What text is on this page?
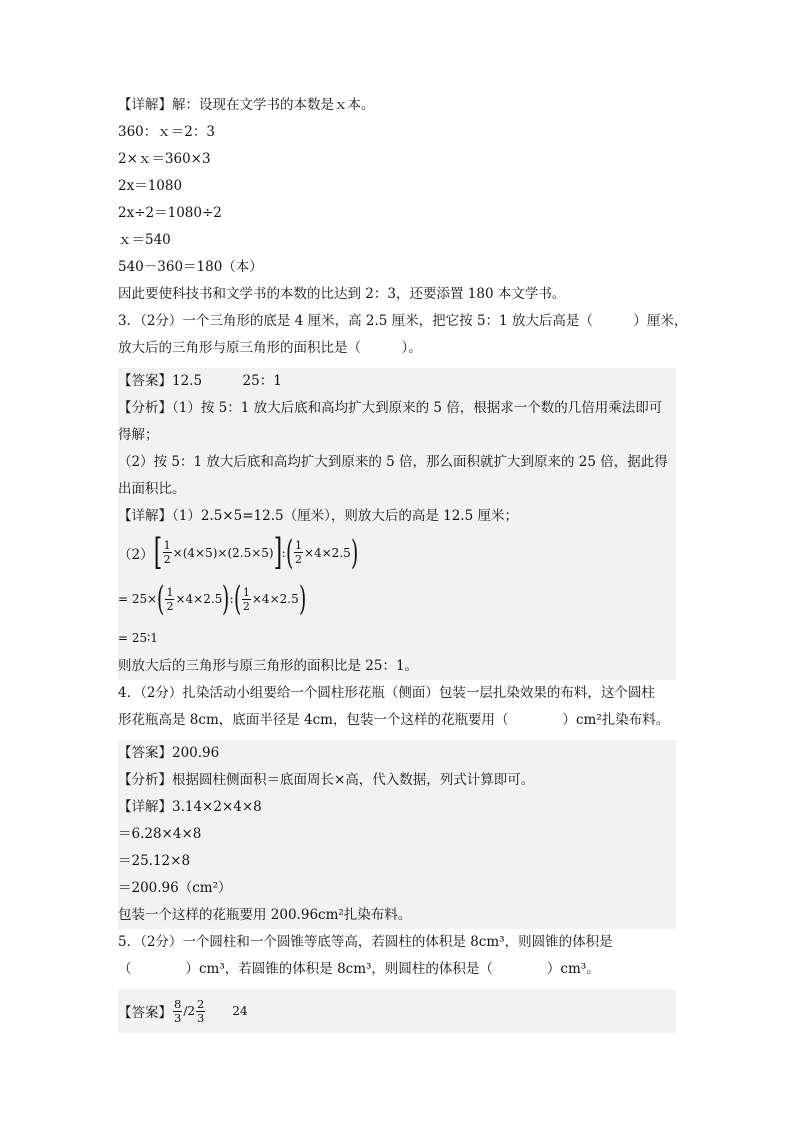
【详解】解：设现在文学书的本数是ｘ本。
360：ｘ＝2：3
2×ｘ＝360×3
2x＝1080
2x÷2＝1080÷2
ｘ＝540
540－360＝180（本）
因此要使科技书和文学书的本数的比达到 2：3，还要添置 180 本文学书。
3．（2分）一个三角形的底是 4 厘米，高 2.5 厘米，把它按 5：1 放大后高是（　　　）厘米，
放大后的三角形与原三角形的面积比是（　　　）。
【答案】12.5　　　25：1
【分析】（1）按 5：1 放大后底和高均扩大到原来的 5 倍，根据求一个数的几倍用乘法即可
得解；
（2）按 5：1 放大后底和高均扩大到原来的 5 倍，那么面积就扩大到原来的 25 倍，据此得
出面积比。
【详解】（1）2.5×5=12.5（厘米），则放大后的高是 12.5 厘米；
（2） [ $\frac{1}{2} \times(4\times 5)\times(2.5\times 5)$ ] : ( $\frac{1}{2} \times 4\times 2.5$ )
= 25× ( $\frac{1}{2} \times 4\times 2.5$ ) : ( $\frac{1}{2} \times 4\times 2.5$ )
= 25∶1
则放大后的三角形与原三角形的面积比是 25：1。
4．（2分）扎染活动小组要给一个圆柱形花瓶（侧面）包装一层扎染效果的布料，这个圆柱
形花瓶高是 8cm，底面半径是 4cm，包装一个这样的花瓶要用（　　　　）cm²扎染布料。
【答案】200.96
【分析】根据圆柱侧面积＝底面周长×高，代入数据，列式计算即可。
【详解】3.14×2×4×8
＝6.28×4×8
＝25.12×8
＝200.96（cm²）
包装一个这样的花瓶要用 200.96cm²扎染布料。
5．（2分）一个圆柱和一个圆锥等底等高，若圆柱的体积是 8cm³，则圆锥的体积是
（　　　　）cm³，若圆锥的体积是 8cm³，则圆柱的体积是（　　　　）cm³。
【答案】 $\frac{8}{3} /2 \frac{2}{3} 24$
